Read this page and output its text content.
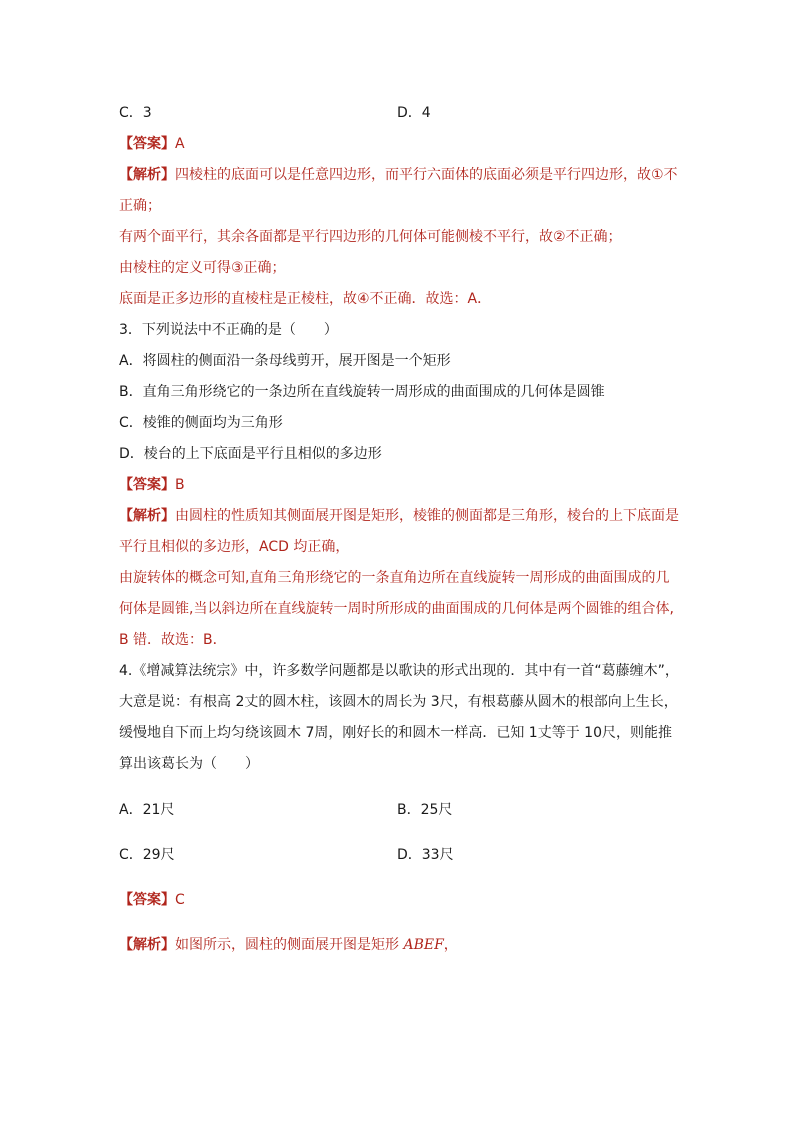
C．3	D．4
【答案】A
【解析】四棱柱的底面可以是任意四边形，而平行六面体的底面必须是平行四边形，故①不
正确；
有两个面平行，其余各面都是平行四边形的几何体可能侧棱不平行，故②不正确；
由棱柱的定义可得③正确；
底面是正多边形的直棱柱是正棱柱，故④不正确．故选：A．
3．下列说法中不正确的是（　　）
A．将圆柱的侧面沿一条母线剪开，展开图是一个矩形
B．直角三角形绕它的一条边所在直线旋转一周形成的曲面围成的几何体是圆锥
C．棱锥的侧面均为三角形
D．棱台的上下底面是平行且相似的多边形
【答案】B
【解析】由圆柱的性质知其侧面展开图是矩形，棱锥的侧面都是三角形，棱台的上下底面是
平行且相似的多边形，ACD 均正确，
由旋转体的概念可知,直角三角形绕它的一条直角边所在直线旋转一周形成的曲面围成的几
何体是圆锥,当以斜边所在直线旋转一周时所形成的曲面围成的几何体是两个圆锥的组合体,
B 错．故选：B．
4.《增减算法统宗》中，许多数学问题都是以歌诀的形式出现的．其中有一首“葛藤缠木”，
大意是说：有根高 2丈的圆木柱，该圆木的周长为 3尺，有根葛藤从圆木的根部向上生长，
缓慢地自下而上均匀绕该圆木 7周，刚好长的和圆木一样高．已知 1丈等于 10尺，则能推
算出该葛长为（　　）
A．21尺	B．25尺
C．29尺	D．33尺
【答案】C
【解析】如图所示，圆柱的侧面展开图是矩形 ABEF，
